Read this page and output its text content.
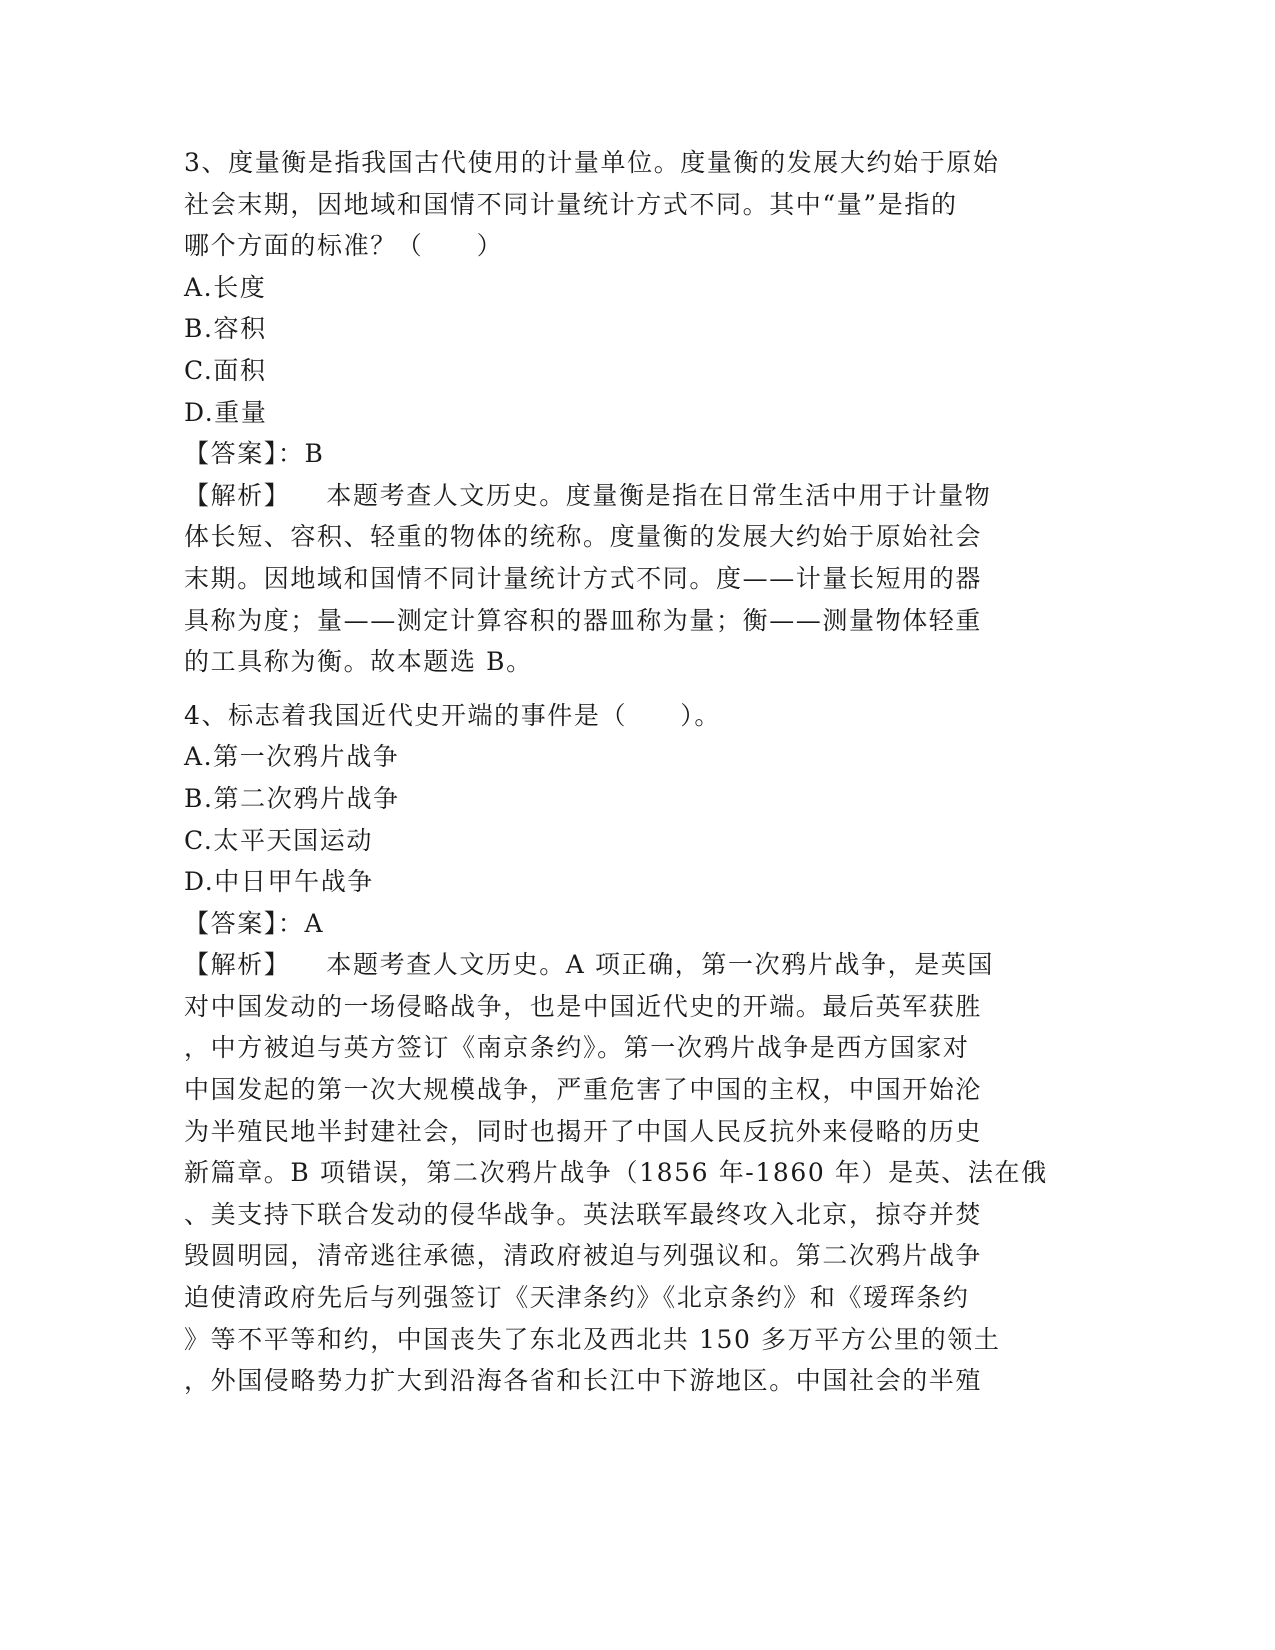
3、度量衡是指我国古代使用的计量单位。度量衡的发展大约始于原始
社会末期，因地域和国情不同计量统计方式不同。其中“量”是指的
哪个方面的标准？（　　）
A.长度
B.容积
C.面积
D.重量
【答案】：B
【解析】 本题考查人文历史。度量衡是指在日常生活中用于计量物
体长短、容积、轻重的物体的统称。度量衡的发展大约始于原始社会
末期。因地域和国情不同计量统计方式不同。度——计量长短用的器
具称为度；量——测定计算容积的器皿称为量；衡——测量物体轻重
的工具称为衡。故本题选 B。
4、标志着我国近代史开端的事件是（　　）。
A.第一次鸦片战争
B.第二次鸦片战争
C.太平天国运动
D.中日甲午战争
【答案】：A
【解析】 本题考查人文历史。A 项正确，第一次鸦片战争，是英国
对中国发动的一场侵略战争，也是中国近代史的开端。最后英军获胜
，中方被迫与英方签订《南京条约》。第一次鸦片战争是西方国家对
中国发起的第一次大规模战争，严重危害了中国的主权，中国开始沦
为半殖民地半封建社会，同时也揭开了中国人民反抗外来侵略的历史
新篇章。B 项错误，第二次鸦片战争（1856 年-1860 年）是英、法在俄
、美支持下联合发动的侵华战争。英法联军最终攻入北京，掠夺并焚
毁圆明园，清帝逃往承德，清政府被迫与列强议和。第二次鸦片战争
迫使清政府先后与列强签订《天津条约》《北京条约》和《瑷珲条约
》等不平等和约，中国丧失了东北及西北共 150 多万平方公里的领土
，外国侵略势力扩大到沿海各省和长江中下游地区。中国社会的半殖
